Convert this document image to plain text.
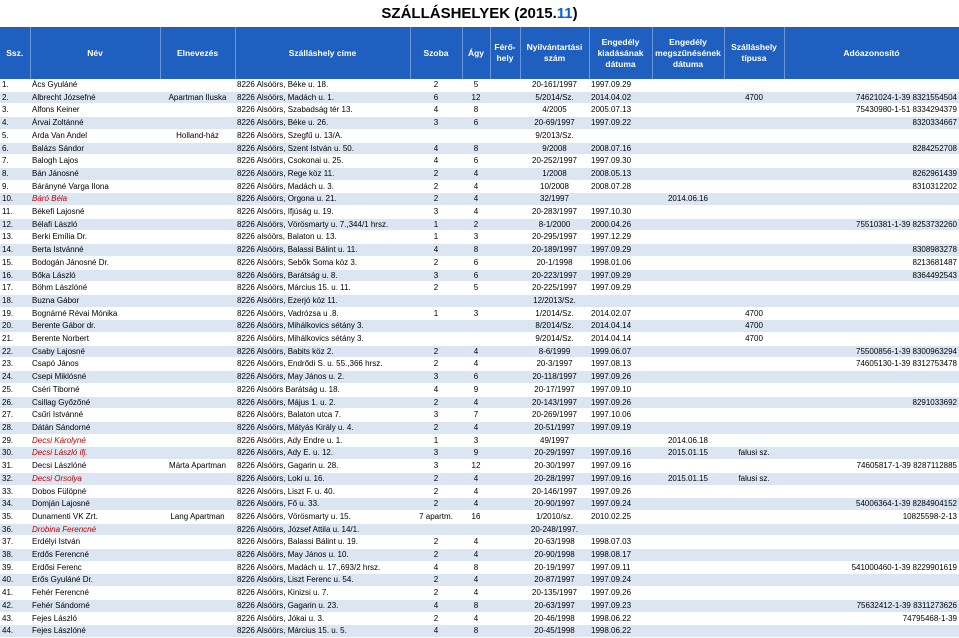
SZÁLLÁSHELYEK (2015.11)
Ssz.	Név	Elnevezés	Szálláshely címe	Szoba	Ágy	Férő-hely	Nyilvántartási szám	Engedély kiadásának dátuma	Engedély megszűnésének dátuma	Szálláshely típusa	Adóazonosító
1.	Ács Gyuláné		8226 Alsóörs, Béke u. 18.	2	5		20-161/1997	1997.09.29			
2.	Albrecht Józsefné	Apartman Iluska	8226 Alsóörs, Madách u. 1.	6	12		5/2014/Sz.	2014.04.02		4700	74621024-1-39 8321554504
3.	Alfons Keiner		8226 Alsóörs, Szabadság tér 13.	4	8		4/2005	2005.07.13			75430980-1-51 8334294379
4.	Árvai Zoltánné		8226 Alsóörs, Béke u. 26.	3	6		20-69/1997	1997.09.22			8320334667
5.	Arda Van Andel	Holland-ház	8226 Alsóörs, Szegfű u. 13/A.				9/2013/Sz.				
6.	Balázs Sándor		8226 Alsóörs, Szent István u. 50.	4	8		9/2008	2008.07.16			8284252708
7.	Balogh Lajos		8226 Alsóörs, Csokonai u. 25.	4	6		20-252/1997	1997.09.30			
8.	Bán Jánosné		8226 Alsóörs, Rege köz 11.	2	4		1/2008	2008.05.13			8262961439
9.	Bárányné Varga Ilona		8226 Alsóörs, Madách u. 3.	2	4		10/2008	2008.07.28			8310312202
10.	Báró Béla		8226 Alsóörs, Orgona u. 21.	2	4		32/1997		2014.06.16		
11.	Békefi Lajosné		8226 Alsóörs, Ifjúság u. 19.	3	4		20-283/1997	1997.10.30			
12.	Bélafi László		8226 Alsóörs, Vörösmarty u. 7.,344/1 hrsz.	1	2		8-1/2000	2000.04.26			75510381-1-39 8253732260
13.	Berki Emília Dr.		8226 alsóörs, Balaton u. 13.	1	3		20-295/1997	1997.12.29			
14.	Berta Istvánné		8226 Alsóörs, Balassi Bálint u. 11.	4	8		20-189/1997	1997.09.29			8308983278
15.	Bodogán Jánosné Dr.		8226 Alsóörs, Sebők Soma köz 3.	2	6		20-1/1998	1998.01.06			8213681487
16.	Bőka László		8226 Alsóörs, Barátság u. 8.	3	6		20-223/1997	1997.09.29			8364492543
17.	Böhm Lászlóné		8226 Alsóörs, Március 15. u. 11.	2	5		20-225/1997	1997.09.29			
18.	Buzna Gábor		8226 Alsóörs, Ezerjó köz 11.				12/2013/Sz.				
19.	Bognárné Révai Mónika		8226 Alsóörs, Vadrózsa u .8.	1	3		1/2014/Sz.	2014.02.07		4700	
20.	Berente Gábor dr.		8226 Alsóörs, Mihálkovics sétány 3.				8/2014/Sz.	2014.04.14		4700	
21.	Berente Norbert		8226 Alsóörs, Mihálkovics sétány 3.				9/2014/Sz.	2014.04.14		4700	
22.	Csaby Lajosné		8226 Alsóörs, Babits köz 2.	2	4		8-6/1999	1999.06.07			75500856-1-39 8300963294
23.	Csapó János		8226 Alsóörs, Endrődi S. u. 55.,366 hrsz.	2	4		20-3/1997	1997.08.13			74605130-1-39 8312753478
24.	Csepi Miklósné		8226 Alsóörs, May János u. 2.	3	6		20-118/1997	1997.09.26			
25.	Cséri Tiborné		8226 Alsóörs Barátság u. 18.	4	9		20-17/1997	1997.09.10			
26.	Csillag Győzőné		8226 Alsóörs, Május 1. u. 2.	2	4		20-143/1997	1997.09.26			8291033692
27.	Csűri Istvánné		8226 Alsóörs, Balaton utca 7.	3	7		20-269/1997	1997.10.06			
28.	Dátán Sándorné		8226 Alsóörs, Mátyás Király u. 4.	2	4		20-51/1997	1997.09.19			
29.	Decsi Károlyné		8226 Alsóörs, Ady Endre u. 1.	1	3		49/1997		2014.06.18		
30.	Decsi László ifj.		8226 Alsóörs, Ady E. u. 12.	3	9		20-29/1997	1997.09.16	2015.01.15	falusi sz.	
31.	Decsi Lászlóné	Márta Apartman	8226 Alsóörs, Gagarin u. 28.	3	12		20-30/1997	1997.09.16			74605817-1-39 8287112885
32.	Decsi Orsolya		8226 Alsóörs, Loki u. 16.	2	4		20-28/1997	1997.09.16	2015.01.15	falusi sz.	
33.	Dobos Fülöpné		8226 Alsóörs, Liszt F. u. 40.	2	4		20-146/1997	1997.09.26			
34.	Domján Lajosné		8226 Alsóörs, Fő u. 33.	2	4		20-90/1997	1997.09.24			54006364-1-39 8284904152
35.	Dunamenti VK Zrt.	Lang Apartman	8226 Alsóörs, Vörösmarty u. 15.	7 apartm.	16		1/2010/sz.	2010.02.25			10825598-2-13
36.	Drobina Ferencné		8226 Alsóörs, József Attila u. 14/1.				20-248/1997.				
37.	Erdélyi István		8226 Alsóörs, Balassi Bálint u. 19.	2	4		20-63/1998	1998.07.03			
38.	Erdős Ferencné		8226 Alsóörs, May János u. 10.	2	4		20-90/1998	1998.08.17			
39.	Erdősi Ferenc		8226 Alsóörs, Madách u. 17.,693/2 hrsz.	4	8		20-19/1997	1997.09.11			541000460-1-39 8229901619
40.	Erős Gyuláné Dr.		8226 Alsóörs, Liszt Ferenc u. 54.	2	4		20-87/1997	1997.09.24			
41.	Fehér Ferencné		8226 Alsóörs, Kinizsi u. 7.	2	4		20-135/1997	1997.09.26			
42.	Fehér Sándorné		8226 Alsóörs, Gagarin u. 23.	4	8		20-63/1997	1997.09.23			75632412-1-39 8311273626
43.	Fejes László		8226 Alsóörs, Jókai u. 3.	2	4		20-46/1998	1998.06.22			74795468-1-39
44.	Fejes Lászlóné		8226 Alsóörs, Március 15. u. 5.	4	8		20-45/1998	1998.06.22			
